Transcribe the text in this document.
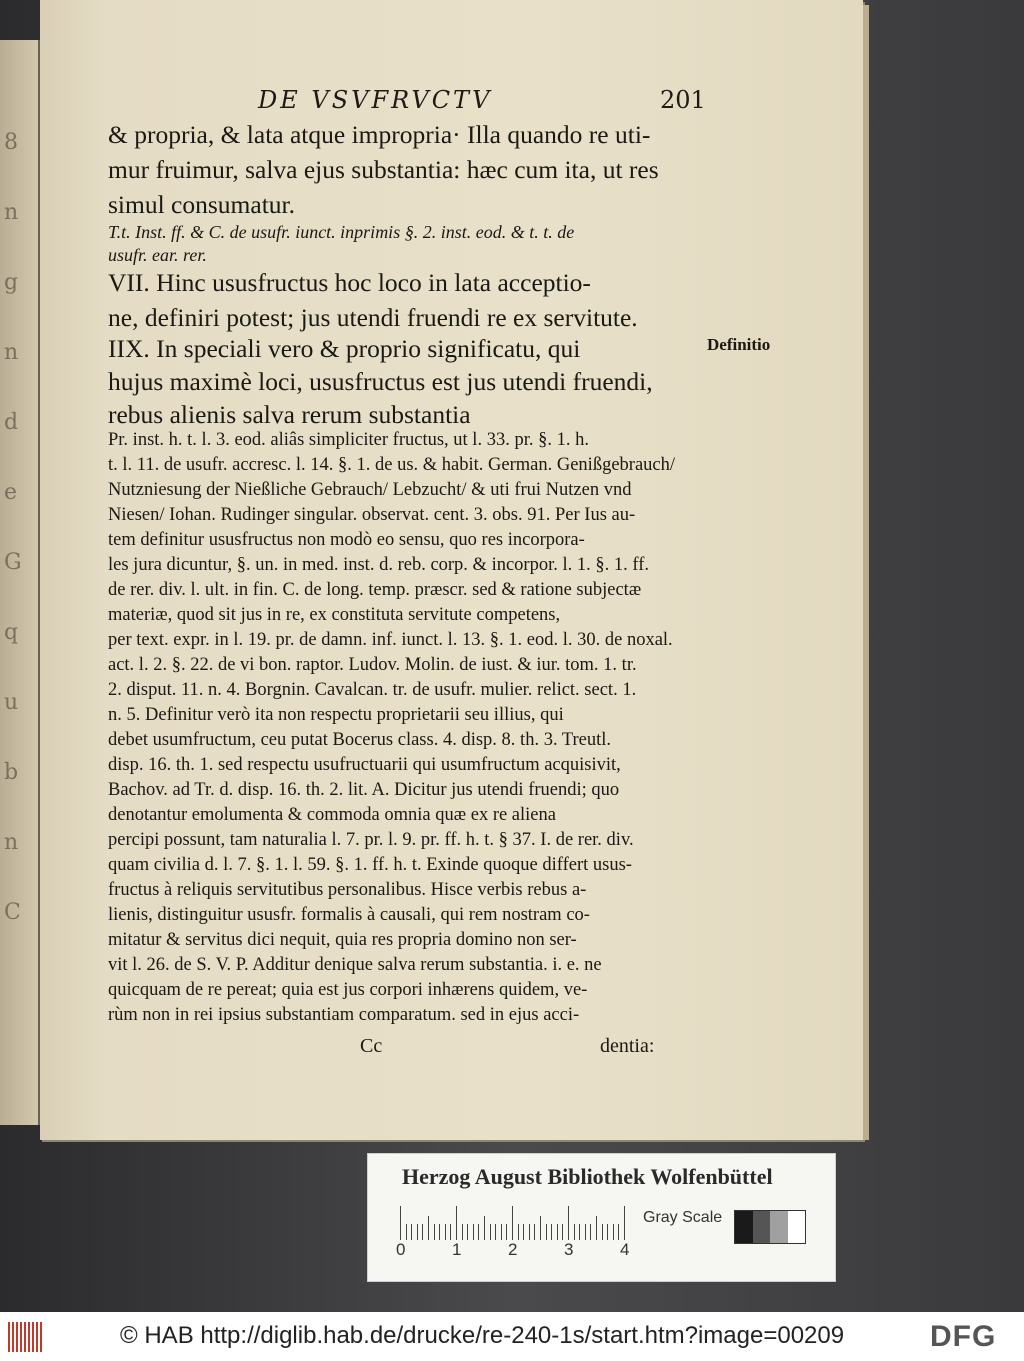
8
n
g
n
d
e
G
q
u
b
n
C
DE VSVFRVCTV	201
& propria, & lata atque impropria· Illa quando re uti-
mur fruimur, salva ejus substantia: hæc cum ita, ut res
simul consumatur.
T.t. Inst. ff. & C. de usufr. iunct. inprimis §. 2. inst. eod. & t. t. de
usufr. ear. rer.
VII. Hinc ususfructus hoc loco in lata acceptio-
ne, definiri potest; jus utendi fruendi re ex servitute.
IIX. In speciali vero & proprio significatu, qui
hujus maximè loci, ususfructus est jus utendi fruendi,
rebus alienis salva rerum substantia
Pr. inst. h. t. l. 3. eod. aliâs simpliciter fructus, ut l. 33. pr. §. 1. h.
t. l. 11. de usufr. accresc. l. 14. §. 1. de us. & habit. German. Genißgebrauch/
Nutzniesung der Nießliche Gebrauch/ Lebzucht/ & uti frui Nutzen vnd
Niesen/ Iohan. Rudinger singular. observat. cent. 3. obs. 91. Per Ius au-
tem definitur ususfructus non modò eo sensu, quo res incorpora-
les jura dicuntur, §. un. in med. inst. d. reb. corp. & incorpor. l. 1. §. 1. ff.
de rer. div. l. ult. in fin. C. de long. temp. præscr. sed & ratione subjectæ
materiæ, quod sit jus in re, ex constituta servitute competens,
per text. expr. in l. 19. pr. de damn. inf. iunct. l. 13. §. 1. eod. l. 30. de noxal.
act. l. 2. §. 22. de vi bon. raptor. Ludov. Molin. de iust. & iur. tom. 1. tr.
2. disput. 11. n. 4. Borgnin. Cavalcan. tr. de usufr. mulier. relict. sect. 1.
n. 5. Definitur verò ita non respectu proprietarii seu illius, qui
debet usumfructum, ceu putat Bocerus class. 4. disp. 8. th. 3. Treutl.
disp. 16. th. 1. sed respectu usufructuarii qui usumfructum acquisivit,
Bachov. ad Tr. d. disp. 16. th. 2. lit. A. Dicitur jus utendi fruendi; quo
denotantur emolumenta & commoda omnia quæ ex re aliena
percipi possunt, tam naturalia l. 7. pr. l. 9. pr. ff. h. t. § 37. I. de rer. div.
quam civilia d. l. 7. §. 1. l. 59. §. 1. ff. h. t. Exinde quoque differt usus-
fructus à reliquis servitutibus personalibus. Hisce verbis rebus a-
lienis, distinguitur ususfr. formalis à causali, qui rem nostram co-
mitatur & servitus dici nequit, quia res propria domino non ser-
vit l. 26. de S. V. P. Additur denique salva rerum substantia. i. e. ne
quicquam de re pereat; quia est jus corpori inhærens quidem, ve-
rùm non in rei ipsius substantiam comparatum. sed in ejus acci-
Definitio
Cc	dentia:
Herzog August Bibliothek Wolfenbüttel
0	1	2	3	4
Gray Scale
© HAB http://diglib.hab.de/drucke/re-240-1s/start.htm?image=00209	DFG
